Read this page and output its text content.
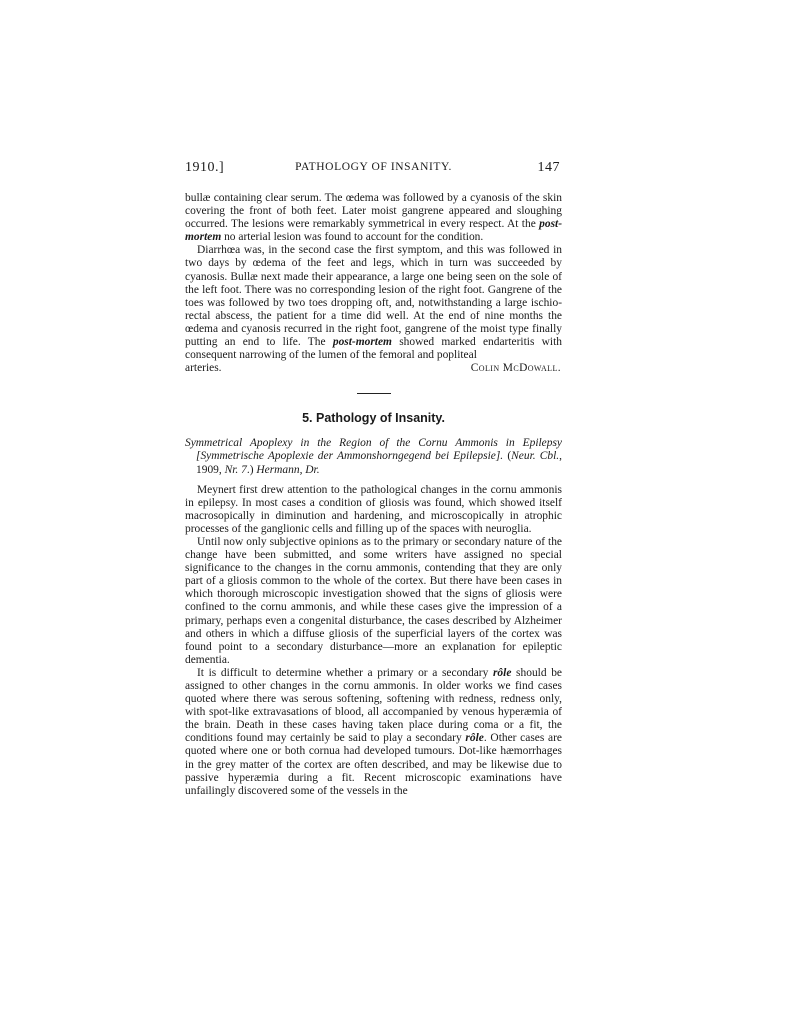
1910.]	PATHOLOGY OF INSANITY.	147

bullæ containing clear serum. The œdema was followed by a cyanosis of the skin covering the front of both feet. Later moist gangrene appeared and sloughing occurred. The lesions were remarkably symmetrical in every respect. At the post-mortem no arterial lesion was found to account for the condition.

Diarrhœa was, in the second case the first symptom, and this was followed in two days by œdema of the feet and legs, which in turn was succeeded by cyanosis. Bullæ next made their appearance, a large one being seen on the sole of the left foot. There was no corresponding lesion of the right foot. Gangrene of the toes was followed by two toes dropping oft, and, notwithstanding a large ischio-rectal abscess, the patient for a time did well. At the end of nine months the œdema and cyanosis recurred in the right foot, gangrene of the moist type finally putting an end to life. The post-mortem showed marked endarteritis with consequent narrowing of the lumen of the femoral and popliteal

arteries.	Colin McDowall.

5. Pathology of Insanity.
Symmetrical Apoplexy in the Region of the Cornu Ammonis in Epilepsy [Symmetrische Apoplexie der Ammonshorngegend bei Epilepsie]. (Neur. Cbl., 1909, Nr. 7.) Hermann, Dr.

Meynert first drew attention to the pathological changes in the cornu ammonis in epilepsy. In most cases a condition of gliosis was found, which showed itself macrosopically in diminution and hardening, and microscopically in atrophic processes of the ganglionic cells and filling up of the spaces with neuroglia.

Until now only subjective opinions as to the primary or secondary nature of the change have been submitted, and some writers have assigned no special significance to the changes in the cornu ammonis, contending that they are only part of a gliosis common to the whole of the cortex. But there have been cases in which thorough microscopic investigation showed that the signs of gliosis were confined to the cornu ammonis, and while these cases give the impression of a primary, perhaps even a congenital disturbance, the cases described by Alzheimer and others in which a diffuse gliosis of the superficial layers of the cortex was found point to a secondary disturbance—more an explanation for epileptic dementia.

It is difficult to determine whether a primary or a secondary rôle should be assigned to other changes in the cornu ammonis. In older works we find cases quoted where there was serous softening, softening with redness, redness only, with spot-like extravasations of blood, all accompanied by venous hyperæmia of the brain. Death in these cases having taken place during coma or a fit, the conditions found may certainly be said to play a secondary rôle. Other cases are quoted where one or both cornua had developed tumours. Dot-like hæmorrhages in the grey matter of the cortex are often described, and may be likewise due to passive hyperæmia during a fit. Recent microscopic examinations have unfailingly discovered some of the vessels in the
